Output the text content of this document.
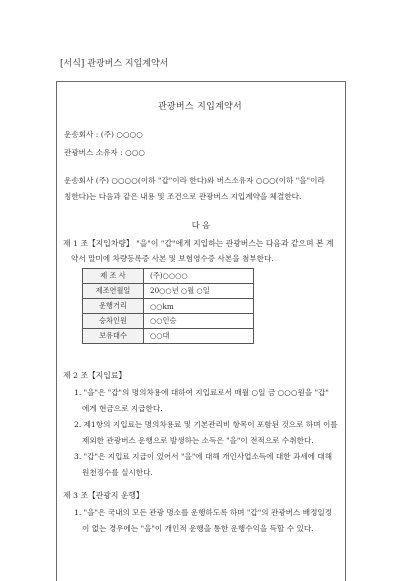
[서식] 관광버스 지입계약서
관광버스 지입계약서
운송회사 : (주) ○○○○
관광버스 소유자 : ○○○
운송회사 (주) ○○○○(이하 "갑"이라 한다)와 버스소유자 ○○○(이하 "을"이라
칭한다)는 다음과 같은 내용 및 조건으로 관광버스 지입계약을 체결한다.
다 음
제 1 조【지입차량】 "을"이 "갑"에게 지입하는 관광버스는 다음과 같으며 본 계
약서 말미에 차량등록증 사본 및 보험영수증 사본을 첨부한다.
제 조 사	(주)○○○○
제조연월일	20○○년 ○월 ○일
운행거리	○○km
승차인원	○○인승
보유대수	○○대
제 2 조【지입료】
1. "을"은 "갑"의 명의차용에 대하여 지입료로서 매월 ○일 금 ○○○원을 "갑"
에게 현금으로 지급한다.
2. 제1항의 지입료는 명의차용료 및 기본관리비 항목이 포함된 것으로 하며 이를
제외한 관광버스 운행으로 발생하는 소득은 "을"이 전적으로 수취한다.
3. "갑"은 지입료 지급이 있어서 "을"에 대해 개인사업소득에 대한 과세에 대해
원천징수를 실시한다.
제 3 조【관광지 운행】
1. "을"은 국내의 모든 관광 명소를 운행하도록 하며 "갑"의 관광버스 배정일정
이 없는 경우에는 "을"이 개인적 운행을 통한 운행수익을 득할 수 있다.
